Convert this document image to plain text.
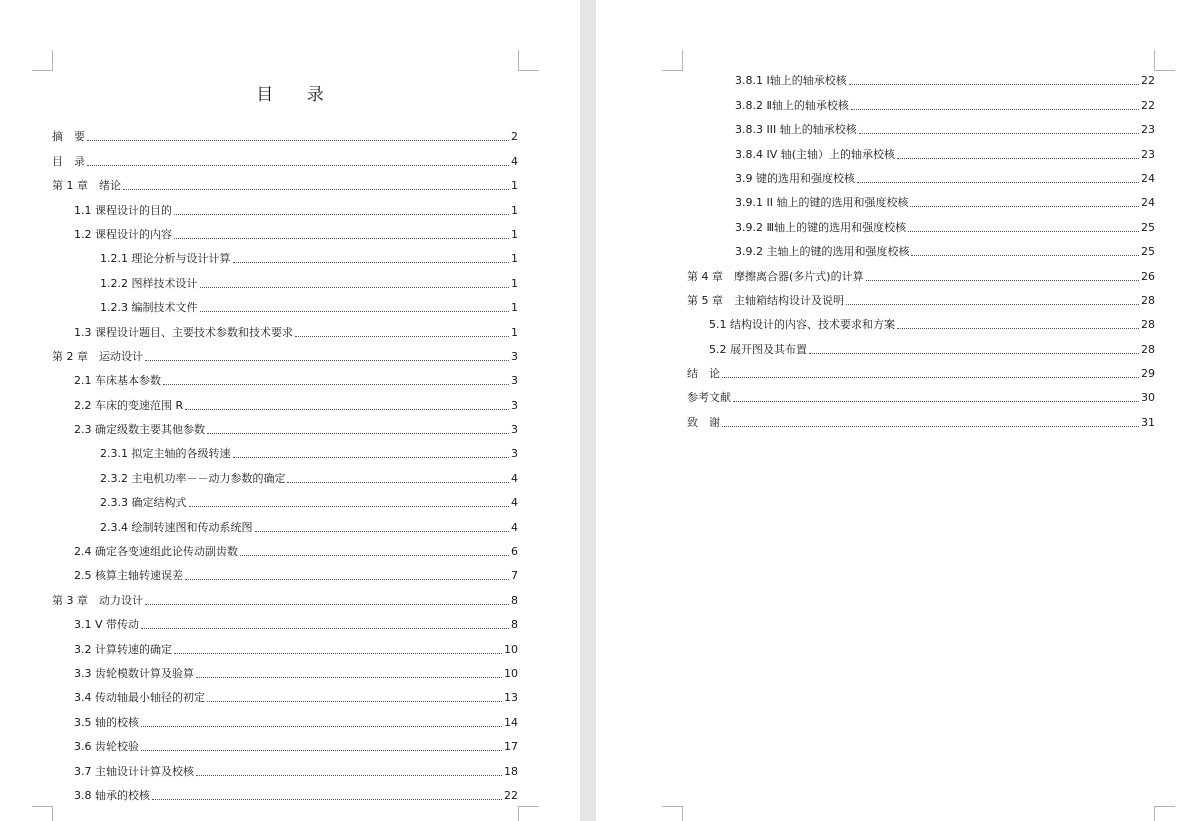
目 录
摘　要	2
目　录	4
第 1 章　绪论	1
1.1 课程设计的目的	1
1.2 课程设计的内容	1
1.2.1 理论分析与设计计算	1
1.2.2 图样技术设计	1
1.2.3 编制技术文件	1
1.3 课程设计题目、主要技术参数和技术要求	1
第 2 章　运动设计	3
2.1 车床基本参数	3
2.2 车床的变速范围 R	3
2.3 确定级数主要其他参数	3
2.3.1 拟定主轴的各级转速	3
2.3.2 主电机功率－－动力参数的确定	4
2.3.3 确定结构式	4
2.3.4 绘制转速图和传动系统图	4
2.4 确定各变速组此论传动副齿数	6
2.5 核算主轴转速误差	7
第 3 章　动力设计	8
3.1 V 带传动	8
3.2 计算转速的确定	10
3.3 齿轮模数计算及验算	10
3.4 传动轴最小轴径的初定	13
3.5 轴的校核	14
3.6 齿轮校验	17
3.7 主轴设计计算及校核	18
3.8 轴承的校核	22
3.8.1 Ⅰ轴上的轴承校核	22
3.8.2 Ⅱ轴上的轴承校核	22
3.8.3 III 轴上的轴承校核	23
3.8.4 IV 轴(主轴）上的轴承校核	23
3.9 键的选用和强度校核	24
3.9.1 II 轴上的键的选用和强度校核	24
3.9.2 Ⅲ轴上的键的选用和强度校核	25
3.9.2 主轴上的键的选用和强度校核	25
第 4 章　摩擦离合器(多片式)的计算	26
第 5 章　主轴箱结构设计及说明	28
5.1 结构设计的内容、技术要求和方案	28
5.2 展开图及其布置	28
结　论	29
参考文献	30
致　谢	31
